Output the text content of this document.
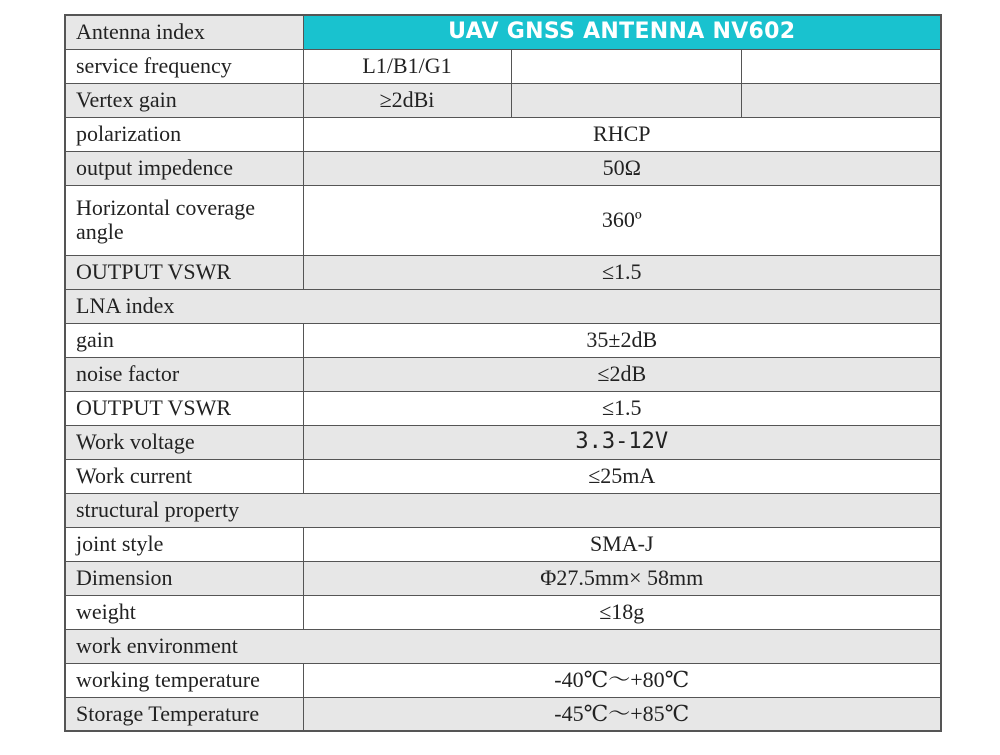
Antenna index	UAV GNSS ANTENNA NV602		
service frequency	L1/B1/G1		
Vertex gain	≥2dBi		
polarization	RHCP		
output impedence	50Ω		
Horizontal coverage angle	360º		
OUTPUT VSWR	≤1.5		
LNA index			
gain	35±2dB		
noise factor	≤2dB		
OUTPUT VSWR	≤1.5		
Work voltage	3.3-12V		
Work current	≤25mA		
structural property			
joint style	SMA-J		
Dimension	Φ27.5mm× 58mm		
weight	≤18g		
work environment			
working temperature	-40℃～+80℃		
Storage Temperature	-45℃～+85℃		
